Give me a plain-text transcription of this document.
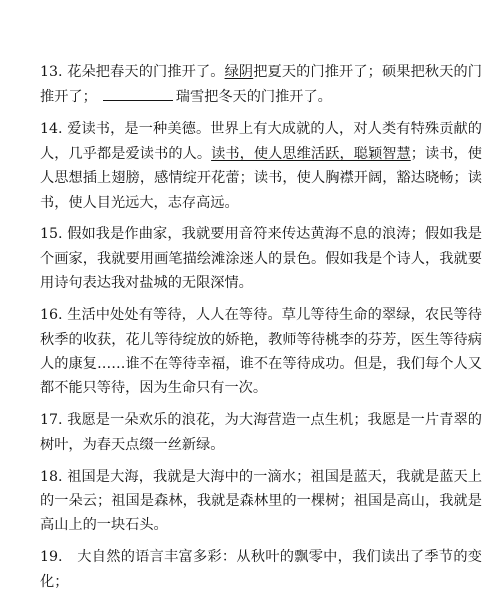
13. 花朵把春天的门推开了。绿阴把夏天的门推开了；硕果把秋天的门推开了；	瑞雪把冬天的门推开了。

14. 爱读书，是一种美德。世界上有大成就的人，对人类有特殊贡献的人，几乎都是爱读书的人。读书，使人思维活跃，聪颖智慧；读书，使人思想插上翅膀，感情绽开花蕾；读书，使人胸襟开阔，豁达晓畅；读书，使人目光远大，志存高远。

15. 假如我是作曲家，我就要用音符来传达黄海不息的浪涛；假如我是个画家，我就要用画笔描绘滩涂迷人的景色。假如我是个诗人，我就要用诗句表达我对盐城的无限深情。

16. 生活中处处有等待，人人在等待。草儿等待生命的翠绿，农民等待秋季的收获，花儿等待绽放的娇艳，教师等待桃李的芬芳，医生等待病人的康复……谁不在等待幸福，谁不在等待成功。但是，我们每个人又都不能只等待，因为生命只有一次。

17. 我愿是一朵欢乐的浪花，为大海营造一点生机；我愿是一片青翠的树叶，为春天点缀一丝新绿。

18. 祖国是大海，我就是大海中的一滴水；祖国是蓝天，我就是蓝天上的一朵云；祖国是森林，我就是森林里的一棵树；祖国是高山，我就是高山上的一块石头。

19.　大自然的语言丰富多彩：从秋叶的飘零中，我们读出了季节的变化；
